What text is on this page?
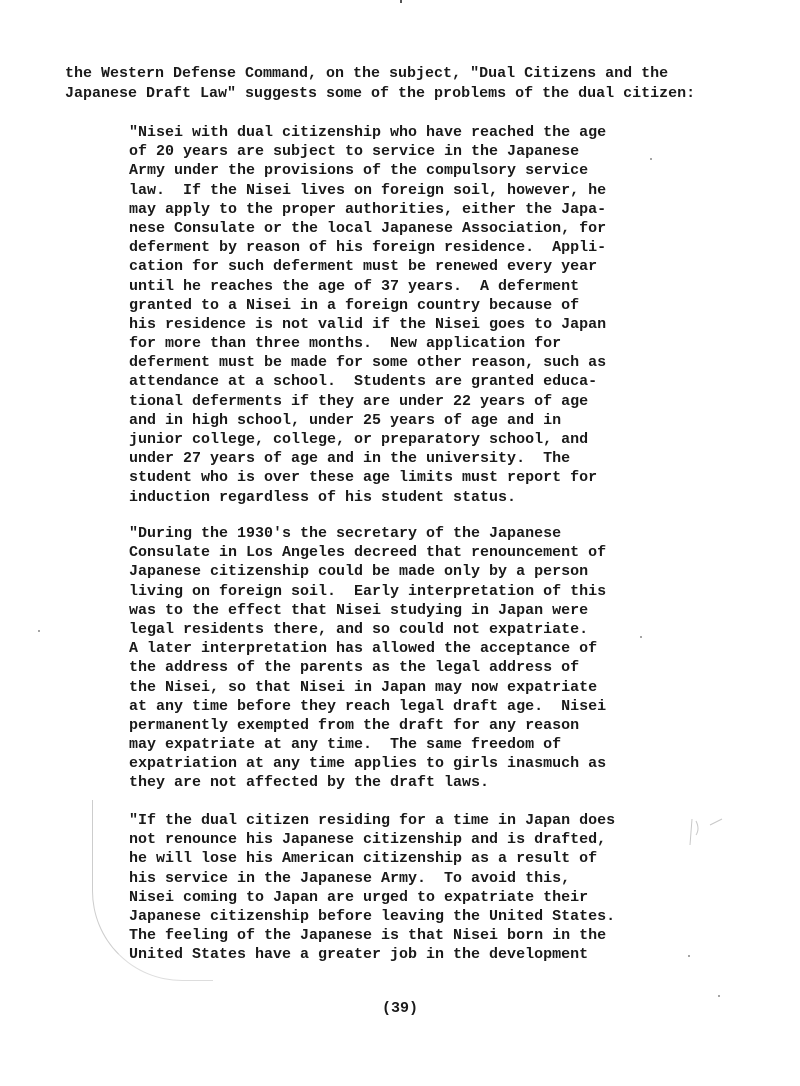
the Western Defense Command, on the subject, "Dual Citizens and the
Japanese Draft Law" suggests some of the problems of the dual citizen:
"Nisei with dual citizenship who have reached the age
of 20 years are subject to service in the Japanese
Army under the provisions of the compulsory service
law.  If the Nisei lives on foreign soil, however, he
may apply to the proper authorities, either the Japa-
nese Consulate or the local Japanese Association, for
deferment by reason of his foreign residence.  Appli-
cation for such deferment must be renewed every year
until he reaches the age of 37 years.  A deferment
granted to a Nisei in a foreign country because of
his residence is not valid if the Nisei goes to Japan
for more than three months.  New application for
deferment must be made for some other reason, such as
attendance at a school.  Students are granted educa-
tional deferments if they are under 22 years of age
and in high school, under 25 years of age and in
junior college, college, or preparatory school, and
under 27 years of age and in the university.  The
student who is over these age limits must report for
induction regardless of his student status.
"During the 1930's the secretary of the Japanese
Consulate in Los Angeles decreed that renouncement of
Japanese citizenship could be made only by a person
living on foreign soil.  Early interpretation of this
was to the effect that Nisei studying in Japan were
legal residents there, and so could not expatriate.
A later interpretation has allowed the acceptance of
the address of the parents as the legal address of
the Nisei, so that Nisei in Japan may now expatriate
at any time before they reach legal draft age.  Nisei
permanently exempted from the draft for any reason
may expatriate at any time.  The same freedom of
expatriation at any time applies to girls inasmuch as
they are not affected by the draft laws.
"If the dual citizen residing for a time in Japan does
not renounce his Japanese citizenship and is drafted,
he will lose his American citizenship as a result of
his service in the Japanese Army.  To avoid this,
Nisei coming to Japan are urged to expatriate their
Japanese citizenship before leaving the United States.
The feeling of the Japanese is that Nisei born in the
United States have a greater job in the development
(39)
